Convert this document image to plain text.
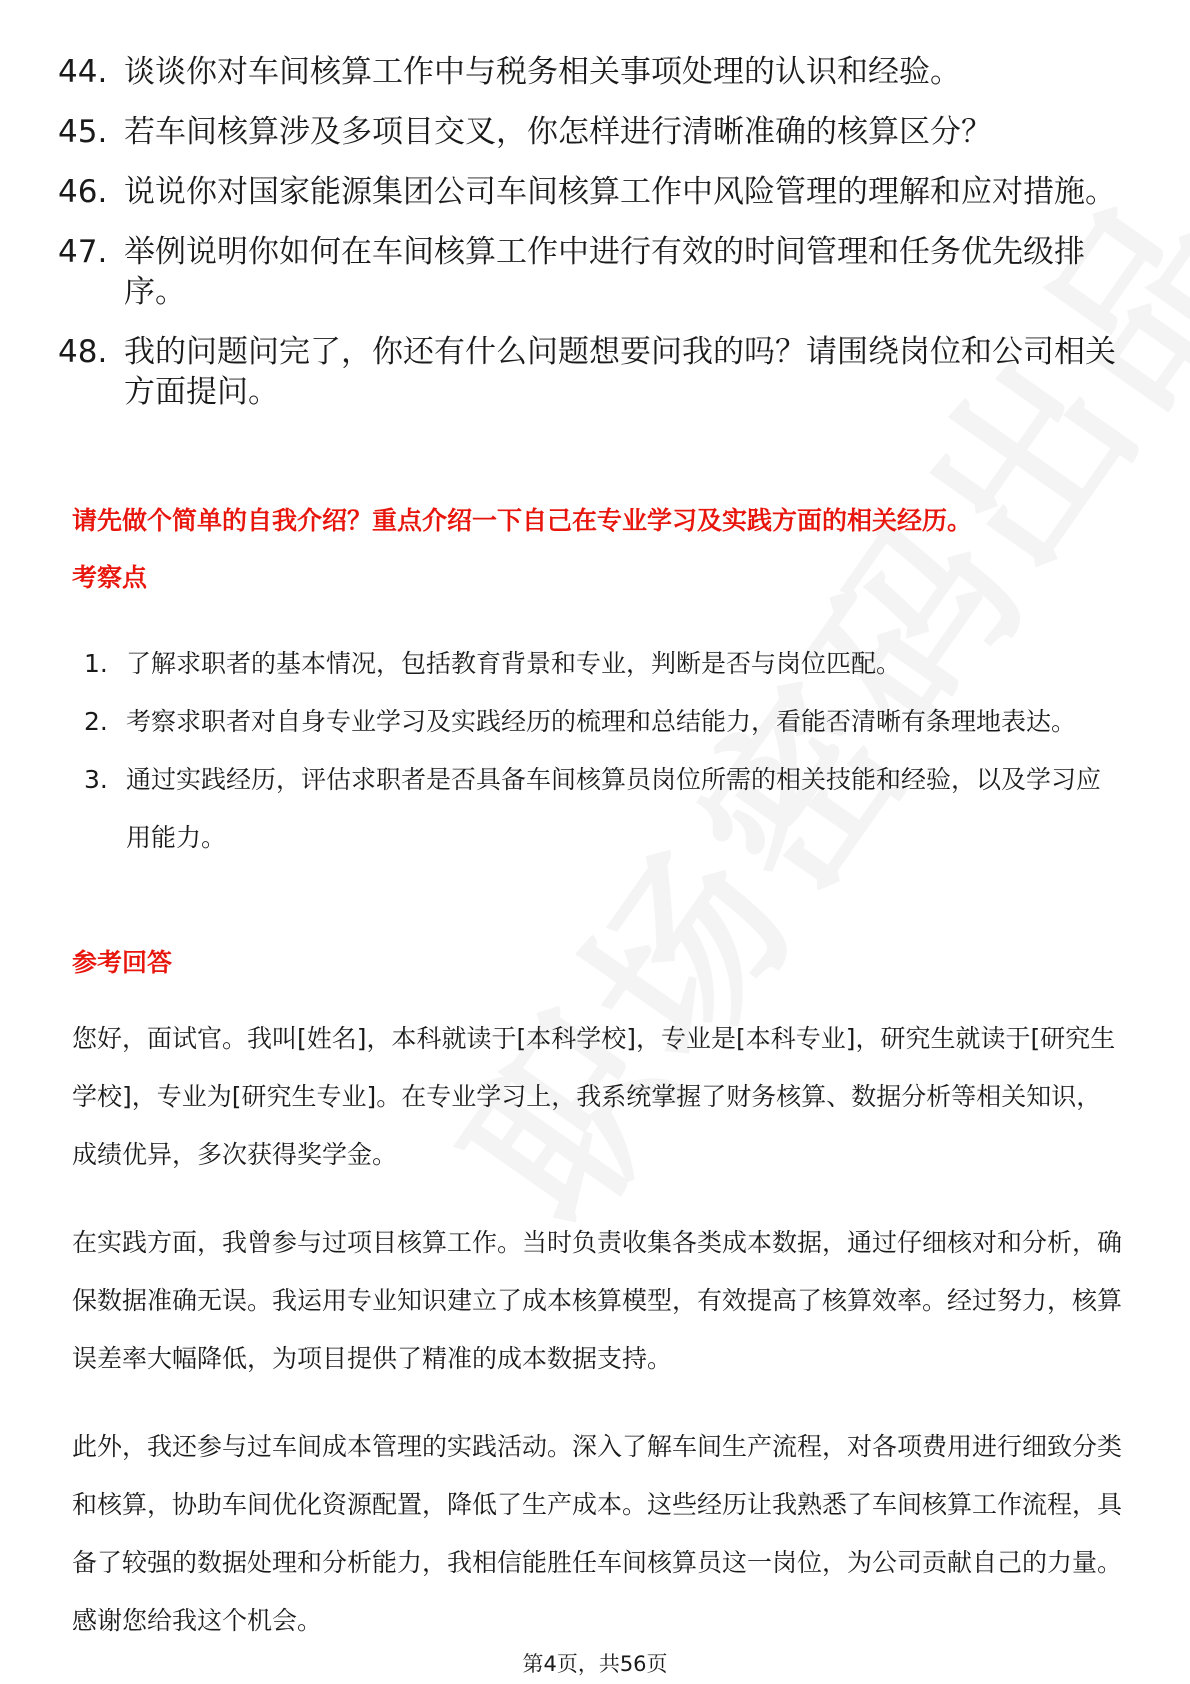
44. 谈谈你对车间核算工作中与税务相关事项处理的认识和经验。
45. 若车间核算涉及多项目交叉，你怎样进行清晰准确的核算区分？
46. 说说你对国家能源集团公司车间核算工作中风险管理的理解和应对措施。
47. 举例说明你如何在车间核算工作中进行有效的时间管理和任务优先级排序。
48. 我的问题问完了，你还有什么问题想要问我的吗？请围绕岗位和公司相关方面提问。
请先做个简单的自我介绍？重点介绍一下自己在专业学习及实践方面的相关经历。
考察点
1. 了解求职者的基本情况，包括教育背景和专业，判断是否与岗位匹配。
2. 考察求职者对自身专业学习及实践经历的梳理和总结能力，看能否清晰有条理地表达。
3. 通过实践经历，评估求职者是否具备车间核算员岗位所需的相关技能和经验，以及学习应用能力。
参考回答

您好，面试官。我叫[姓名]，本科就读于[本科学校]，专业是[本科专业]，研究生就读于[研究生学校]，专业为[研究生专业]。在专业学习上，我系统掌握了财务核算、数据分析等相关知识，成绩优异，多次获得奖学金。

在实践方面，我曾参与过项目核算工作。当时负责收集各类成本数据，通过仔细核对和分析，确保数据准确无误。我运用专业知识建立了成本核算模型，有效提高了核算效率。经过努力，核算误差率大幅降低，为项目提供了精准的成本数据支持。

此外，我还参与过车间成本管理的实践活动。深入了解车间生产流程，对各项费用进行细致分类和核算，协助车间优化资源配置，降低了生产成本。这些经历让我熟悉了车间核算工作流程，具备了较强的数据处理和分析能力，我相信能胜任车间核算员这一岗位，为公司贡献自己的力量。感谢您给我这个机会。

第4页，共56页
